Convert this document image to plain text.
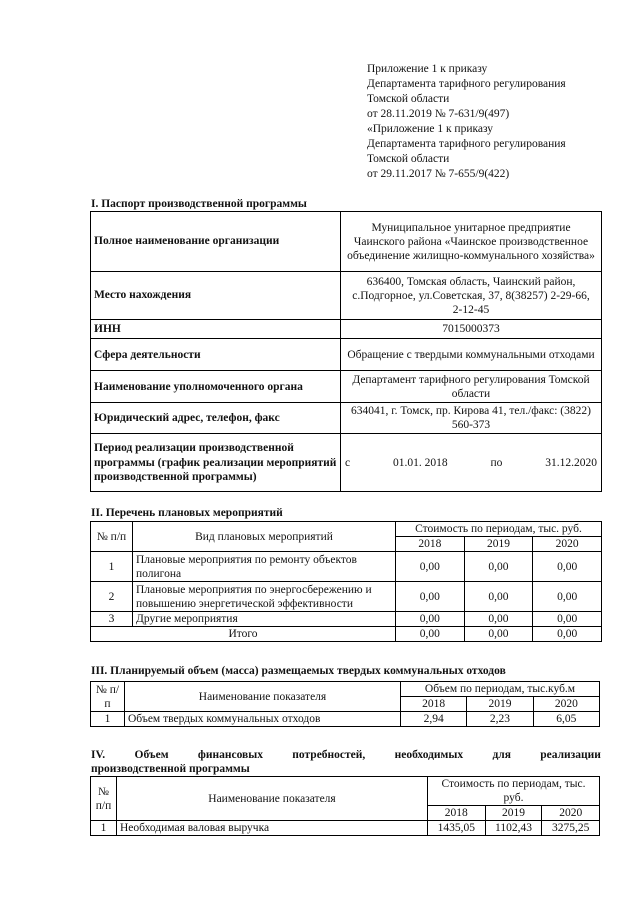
Приложение 1 к приказу
Департамента тарифного регулирования
Томской области
от 28.11.2019 № 7-631/9(497)
«Приложение 1 к приказу
Департамента тарифного регулирования
Томской области
от 29.11.2017 № 7-655/9(422)
I. Паспорт производственной программы
Полное наименование организации	Муниципальное унитарное предприятие Чаинского района «Чаинское производственное объединение жилищно-коммунального хозяйства»
Место нахождения	636400, Томская область, Чаинский район, с.Подгорное, ул.Советская, 37, 8(38257) 2-29-66, 2-12-45
ИНН	7015000373
Сфера деятельности	Обращение с твердыми коммунальными отходами
Наименование уполномоченного органа	Департамент тарифного регулирования Томской области
Юридический адрес, телефон, факс	634041, г. Томск, пр. Кирова 41, тел./факс: (3822) 560-373
Период реализации производственной программы (график реализации мероприятий производственной программы)	с 01.01. 2018 по 31.12.2020
II. Перечень плановых мероприятий
№ п/п	Вид плановых мероприятий	Стоимость по периодам, тыс. руб.		
		2018	2019	2020
1	Плановые мероприятия по ремонту объектов полигона	0,00	0,00	0,00
2	Плановые мероприятия по энергосбережению и повышению энергетической эффективности	0,00	0,00	0,00
3	Другие мероприятия	0,00	0,00	0,00
Итого		0,00	0,00	0,00
III. Планируемый объем (масса) размещаемых твердых коммунальных отходов
№ п/п	Наименование показателя	Объем по периодам, тыс.куб.м		
		2018	2019	2020
1	Объем твердых коммунальных отходов	2,94	2,23	6,05
IV.	Объем	финансовых	потребностей,	необходимых	для	реализации
производственной программы
№ п/п	Наименование показателя	Стоимость по периодам, тыс. руб.		
		2018	2019	2020
1	Необходимая валовая выручка	1435,05	1102,43	3275,25
